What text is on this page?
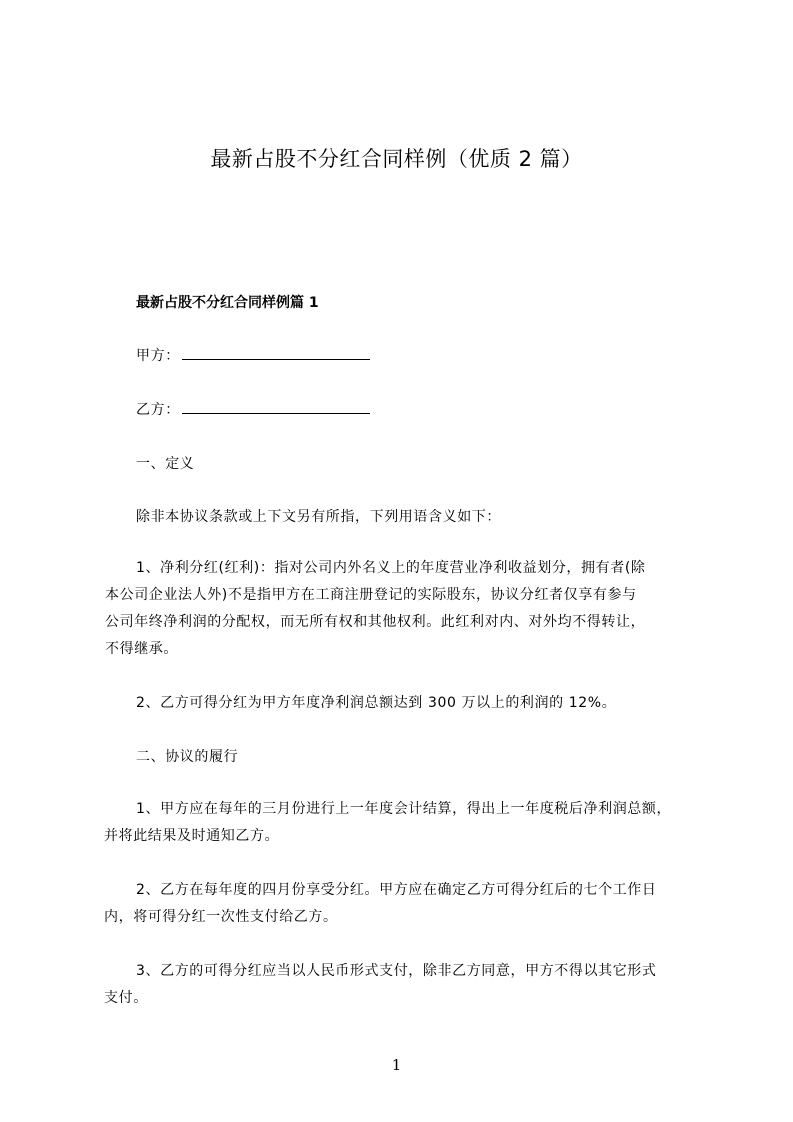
最新占股不分红合同样例（优质 2 篇）
最新占股不分红合同样例篇 1
甲方：
乙方：
一、定义
除非本协议条款或上下文另有所指，下列用语含义如下：
1、净利分红(红利)：指对公司内外名义上的年度营业净利收益划分，拥有者(除
本公司企业法人外)不是指甲方在工商注册登记的实际股东，协议分红者仅享有参与
公司年终净利润的分配权，而无所有权和其他权利。此红利对内、对外均不得转让，
不得继承。
2、乙方可得分红为甲方年度净利润总额达到 300 万以上的利润的 12%。
二、协议的履行
1、甲方应在每年的三月份进行上一年度会计结算，得出上一年度税后净利润总额，
并将此结果及时通知乙方。
2、乙方在每年度的四月份享受分红。甲方应在确定乙方可得分红后的七个工作日
内，将可得分红一次性支付给乙方。
3、乙方的可得分红应当以人民币形式支付，除非乙方同意，甲方不得以其它形式
支付。
1
